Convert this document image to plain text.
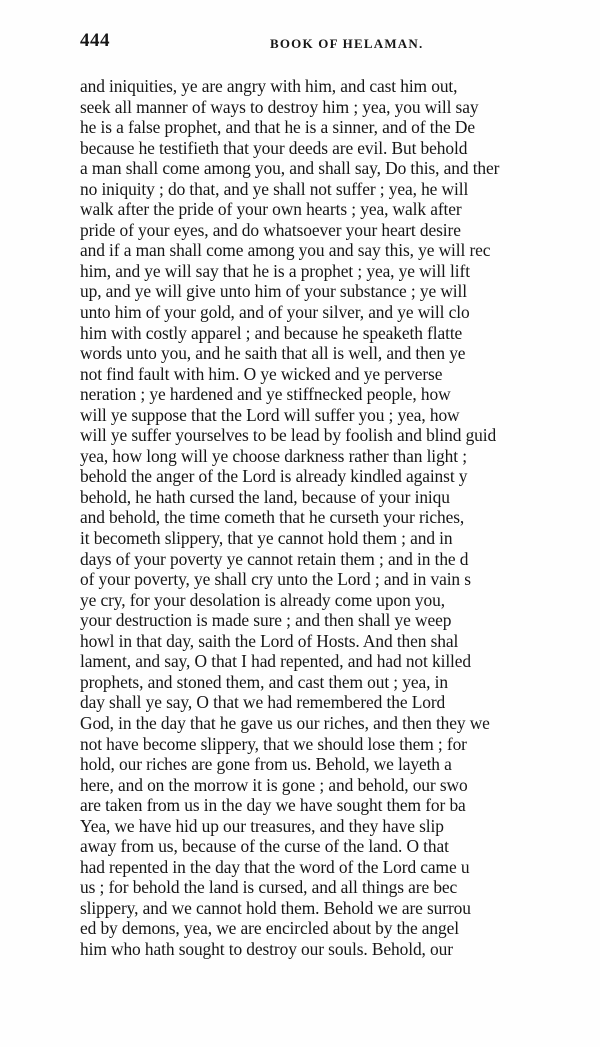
444	BOOK OF HELAMAN.
and iniquities, ye are angry with him, and cast him out,
seek all manner of ways to destroy him ; yea, you will say
he is a false prophet, and that he is a sinner, and of the De
because he testifieth that your deeds are evil. But behold
a man shall come among you, and shall say, Do this, and ther
no iniquity ; do that, and ye shall not suffer ; yea, he will
walk after the pride of your own hearts ; yea, walk after
pride of your eyes, and do whatsoever your heart desire
and if a man shall come among you and say this, ye will rec
him, and ye will say that he is a prophet ; yea, ye will lift
up, and ye will give unto him of your substance ; ye will
unto him of your gold, and of your silver, and ye will clo
him with costly apparel ; and because he speaketh flatte
words unto you, and he saith that all is well, and then ye
not find fault with him. O ye wicked and ye perverse
neration ; ye hardened and ye stiffnecked people, how
will ye suppose that the Lord will suffer you ; yea, how
will ye suffer yourselves to be lead by foolish and blind guid
yea, how long will ye choose darkness rather than light ;
behold the anger of the Lord is already kindled against y
behold, he hath cursed the land, because of your iniqu
and behold, the time cometh that he curseth your riches,
it becometh slippery, that ye cannot hold them ; and in
days of your poverty ye cannot retain them ; and in the d
of your poverty, ye shall cry unto the Lord ; and in vain s
ye cry, for your desolation is already come upon you,
your destruction is made sure ; and then shall ye weep
howl in that day, saith the Lord of Hosts. And then shal
lament, and say, O that I had repented, and had not killed
prophets, and stoned them, and cast them out ; yea, in
day shall ye say, O that we had remembered the Lord
God, in the day that he gave us our riches, and then they we
not have become slippery, that we should lose them ; for
hold, our riches are gone from us. Behold, we layeth a
here, and on the morrow it is gone ; and behold, our swo
are taken from us in the day we have sought them for ba
Yea, we have hid up our treasures, and they have slip
away from us, because of the curse of the land. O that
had repented in the day that the word of the Lord came u
us ; for behold the land is cursed, and all things are bec
slippery, and we cannot hold them. Behold we are surrou
ed by demons, yea, we are encircled about by the angel
him who hath sought to destroy our souls. Behold, our
